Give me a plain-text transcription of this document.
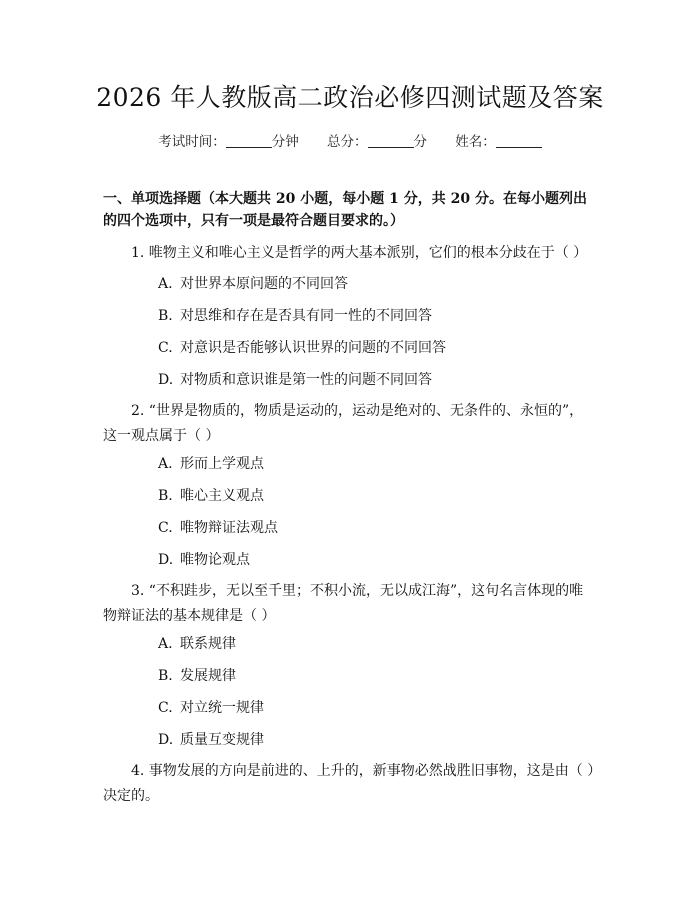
2026 年人教版高二政治必修四测试题及答案
考试时间：	分钟 总分：	分 姓名：
一、单项选择题（本大题共 20 小题，每小题 1 分，共 20 分。在每小题列出的四个选项中，只有一项是最符合题目要求的。）
1. 唯物主义和唯心主义是哲学的两大基本派别，它们的根本分歧在于（ ）
A. 对世界本原问题的不同回答
B. 对思维和存在是否具有同一性的不同回答
C. 对意识是否能够认识世界的问题的不同回答
D. 对物质和意识谁是第一性的问题不同回答
2. “世界是物质的，物质是运动的，运动是绝对的、无条件的、永恒的”，这一观点属于（ ）
A. 形而上学观点
B. 唯心主义观点
C. 唯物辩证法观点
D. 唯物论观点
3. “不积跬步，无以至千里；不积小流，无以成江海”，这句名言体现的唯物辩证法的基本规律是（ ）
A. 联系规律
B. 发展规律
C. 对立统一规律
D. 质量互变规律
4. 事物发展的方向是前进的、上升的，新事物必然战胜旧事物，这是由（ ）决定的。
